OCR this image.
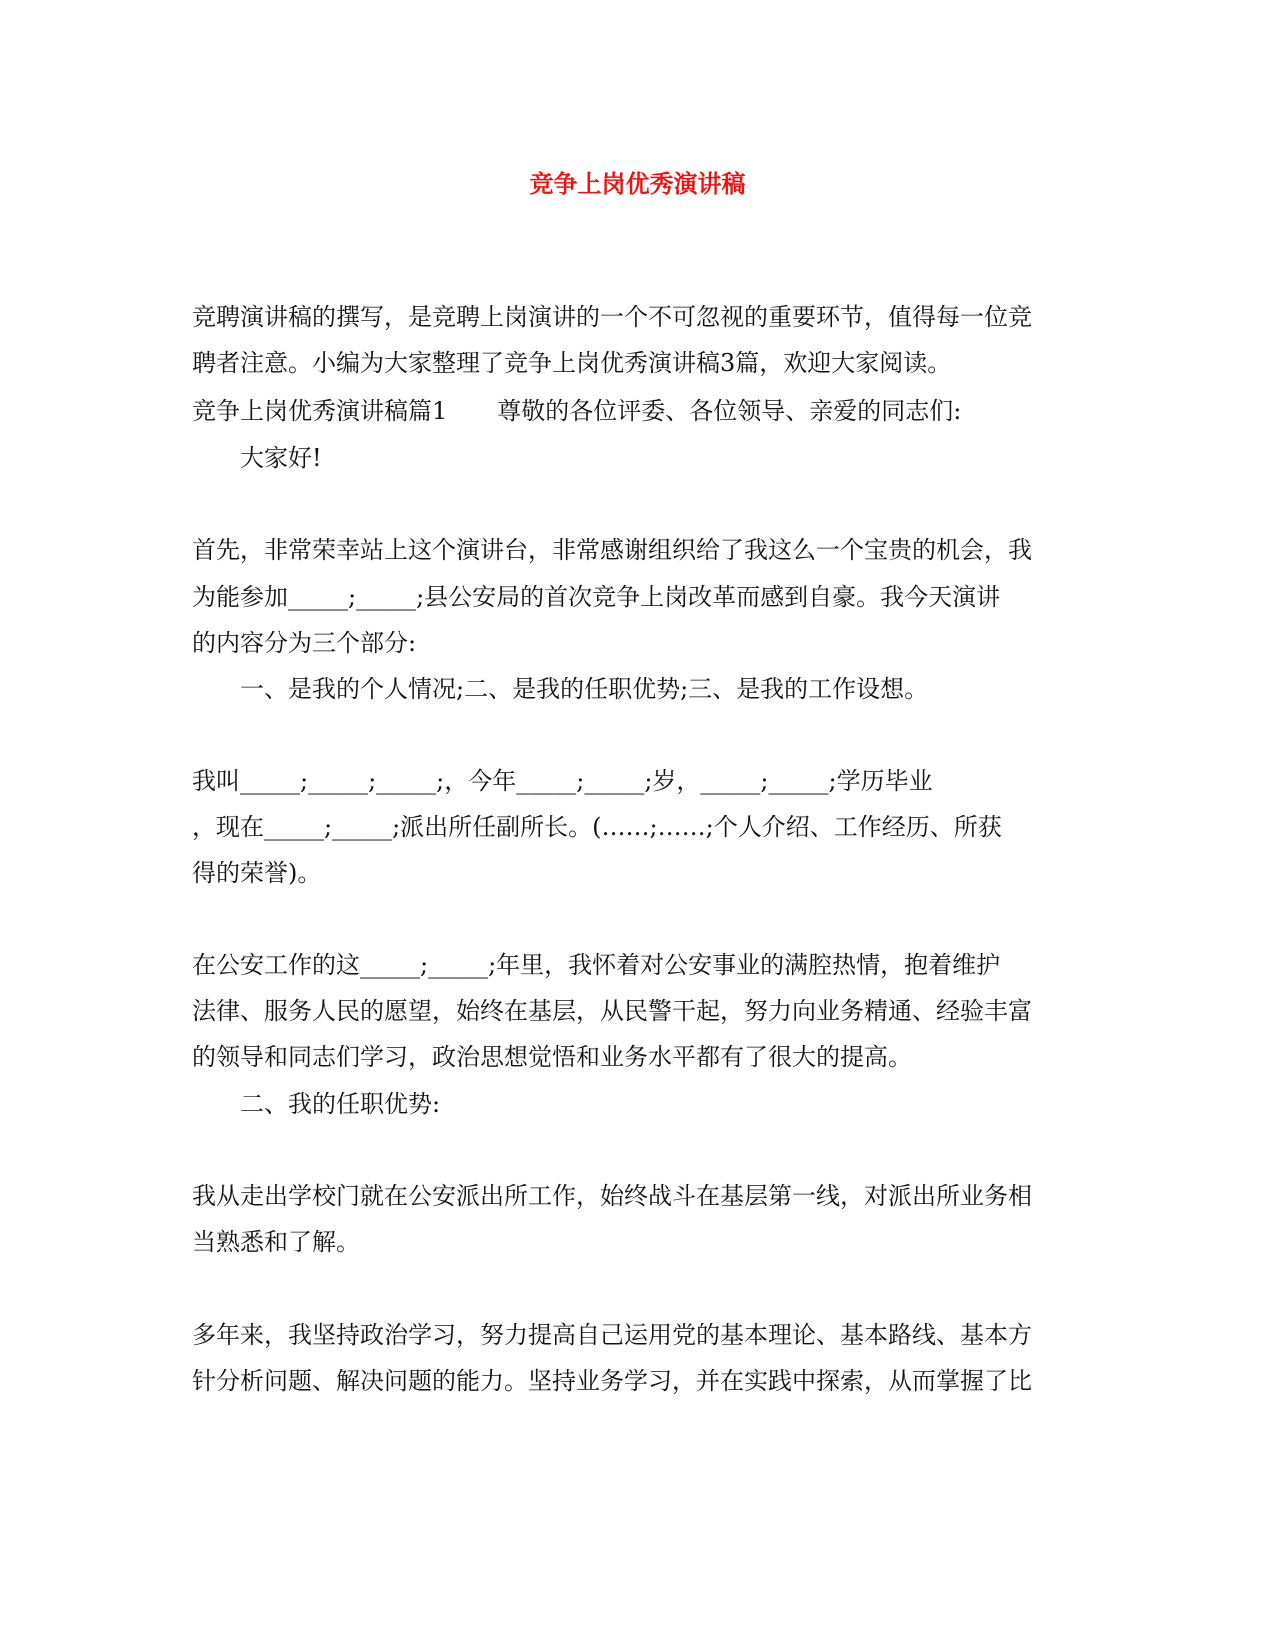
竞争上岗优秀演讲稿

竞聘演讲稿的撰写，是竞聘上岗演讲的一个不可忽视的重要环节，值得每一位竞

聘者注意。小编为大家整理了竞争上岗优秀演讲稿3篇，欢迎大家阅读。

竞争上岗优秀演讲稿篇1 尊敬的各位评委、各位领导、亲爱的同志们:

大家好!

首先，非常荣幸站上这个演讲台，非常感谢组织给了我这么一个宝贵的机会，我

为能参加_____;_____;县公安局的首次竞争上岗改革而感到自豪。我今天演讲

的内容分为三个部分:

一、是我的个人情况;二、是我的任职优势;三、是我的工作设想。

我叫_____;_____;_____;，今年_____;_____;岁，_____;_____;学历毕业

，现在_____;_____;派出所任副所长。(……;……;个人介绍、工作经历、所获

得的荣誉)。

在公安工作的这_____;_____;年里，我怀着对公安事业的满腔热情，抱着维护

法律、服务人民的愿望，始终在基层，从民警干起，努力向业务精通、经验丰富

的领导和同志们学习，政治思想觉悟和业务水平都有了很大的提高。

二、我的任职优势:

我从走出学校门就在公安派出所工作，始终战斗在基层第一线，对派出所业务相

当熟悉和了解。

多年来，我坚持政治学习，努力提高自己运用党的基本理论、基本路线、基本方

针分析问题、解决问题的能力。坚持业务学习，并在实践中探索，从而掌握了比
